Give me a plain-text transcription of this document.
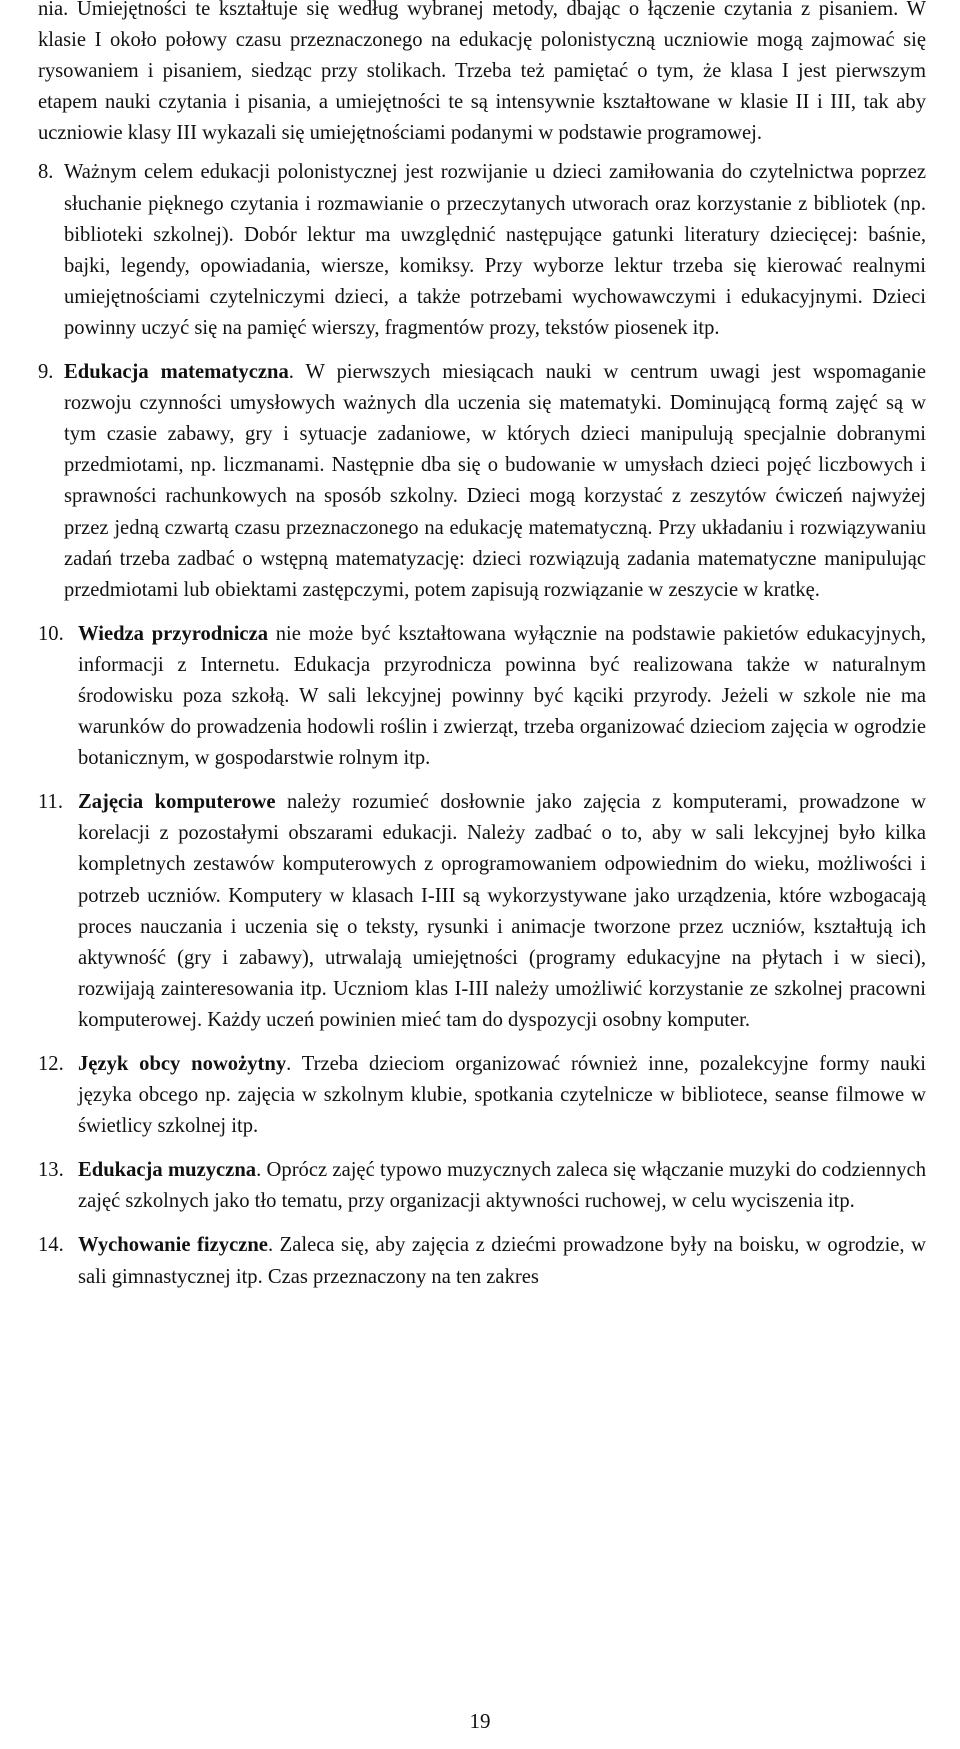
nia. Umiejętności te kształtuje się według wybranej metody, dbając o łączenie czytania z pisaniem. W klasie I około połowy czasu przeznaczonego na edukację polonistyczną uczniowie mogą zajmować się rysowaniem i pisaniem, siedząc przy stolikach. Trzeba też pamiętać o tym, że klasa I jest pierwszym etapem nauki czytania i pisania, a umiejętności te są intensywnie kształtowane w klasie II i III, tak aby uczniowie klasy III wykazali się umiejętnościami podanymi w podstawie programowej.

8. Ważnym celem edukacji polonistycznej jest rozwijanie u dzieci zamiłowania do czytelnictwa poprzez słuchanie pięknego czytania i rozmawianie o przeczytanych utworach oraz korzystanie z bibliotek (np. biblioteki szkolnej). Dobór lektur ma uwzględnić następujące gatunki literatury dziecięcej: baśnie, bajki, legendy, opowiadania, wiersze, komiksy. Przy wyborze lektur trzeba się kierować realnymi umiejętnościami czytelniczymi dzieci, a także potrzebami wychowawczymi i edukacyjnymi. Dzieci powinny uczyć się na pamięć wierszy, fragmentów prozy, tekstów piosenek itp.

9. Edukacja matematyczna. W pierwszych miesiącach nauki w centrum uwagi jest wspomaganie rozwoju czynności umysłowych ważnych dla uczenia się matematyki. Dominującą formą zajęć są w tym czasie zabawy, gry i sytuacje zadaniowe, w których dzieci manipulują specjalnie dobranymi przedmiotami, np. liczmanami. Następnie dba się o budowanie w umysłach dzieci pojęć liczbowych i sprawności rachunkowych na sposób szkolny. Dzieci mogą korzystać z zeszytów ćwiczeń najwyżej przez jedną czwartą czasu przeznaczonego na edukację matematyczną. Przy układaniu i rozwiązywaniu zadań trzeba zadbać o wstępną matematyzację: dzieci rozwiązują zadania matematyczne manipulując przedmiotami lub obiektami zastępczymi, potem zapisują rozwiązanie w zeszycie w kratkę.

10. Wiedza przyrodnicza nie może być kształtowana wyłącznie na podstawie pakietów edukacyjnych, informacji z Internetu. Edukacja przyrodnicza powinna być realizowana także w naturalnym środowisku poza szkołą. W sali lekcyjnej powinny być kąciki przyrody. Jeżeli w szkole nie ma warunków do prowadzenia hodowli roślin i zwierząt, trzeba organizować dzieciom zajęcia w ogrodzie botanicznym, w gospodarstwie rolnym itp.

11. Zajęcia komputerowe należy rozumieć dosłownie jako zajęcia z komputerami, prowadzone w korelacji z pozostałymi obszarami edukacji. Należy zadbać o to, aby w sali lekcyjnej było kilka kompletnych zestawów komputerowych z oprogramowaniem odpowiednim do wieku, możliwości i potrzeb uczniów. Komputery w klasach I-III są wykorzystywane jako urządzenia, które wzbogacają proces nauczania i uczenia się o teksty, rysunki i animacje tworzone przez uczniów, kształtują ich aktywność (gry i zabawy), utrwalają umiejętności (programy edukacyjne na płytach i w sieci), rozwijają zainteresowania itp. Uczniom klas I-III należy umożliwić korzystanie ze szkolnej pracowni komputerowej. Każdy uczeń powinien mieć tam do dyspozycji osobny komputer.

12. Język obcy nowożytny. Trzeba dzieciom organizować również inne, pozalekcyjne formy nauki języka obcego np. zajęcia w szkolnym klubie, spotkania czytelnicze w bibliotece, seanse filmowe w świetlicy szkolnej itp.

13. Edukacja muzyczna. Oprócz zajęć typowo muzycznych zaleca się włączanie muzyki do codziennych zajęć szkolnych jako tło tematu, przy organizacji aktywności ruchowej, w celu wyciszenia itp.

14. Wychowanie fizyczne. Zaleca się, aby zajęcia z dziećmi prowadzone były na boisku, w ogrodzie, w sali gimnastycznej itp. Czas przeznaczony na ten zakres

19
